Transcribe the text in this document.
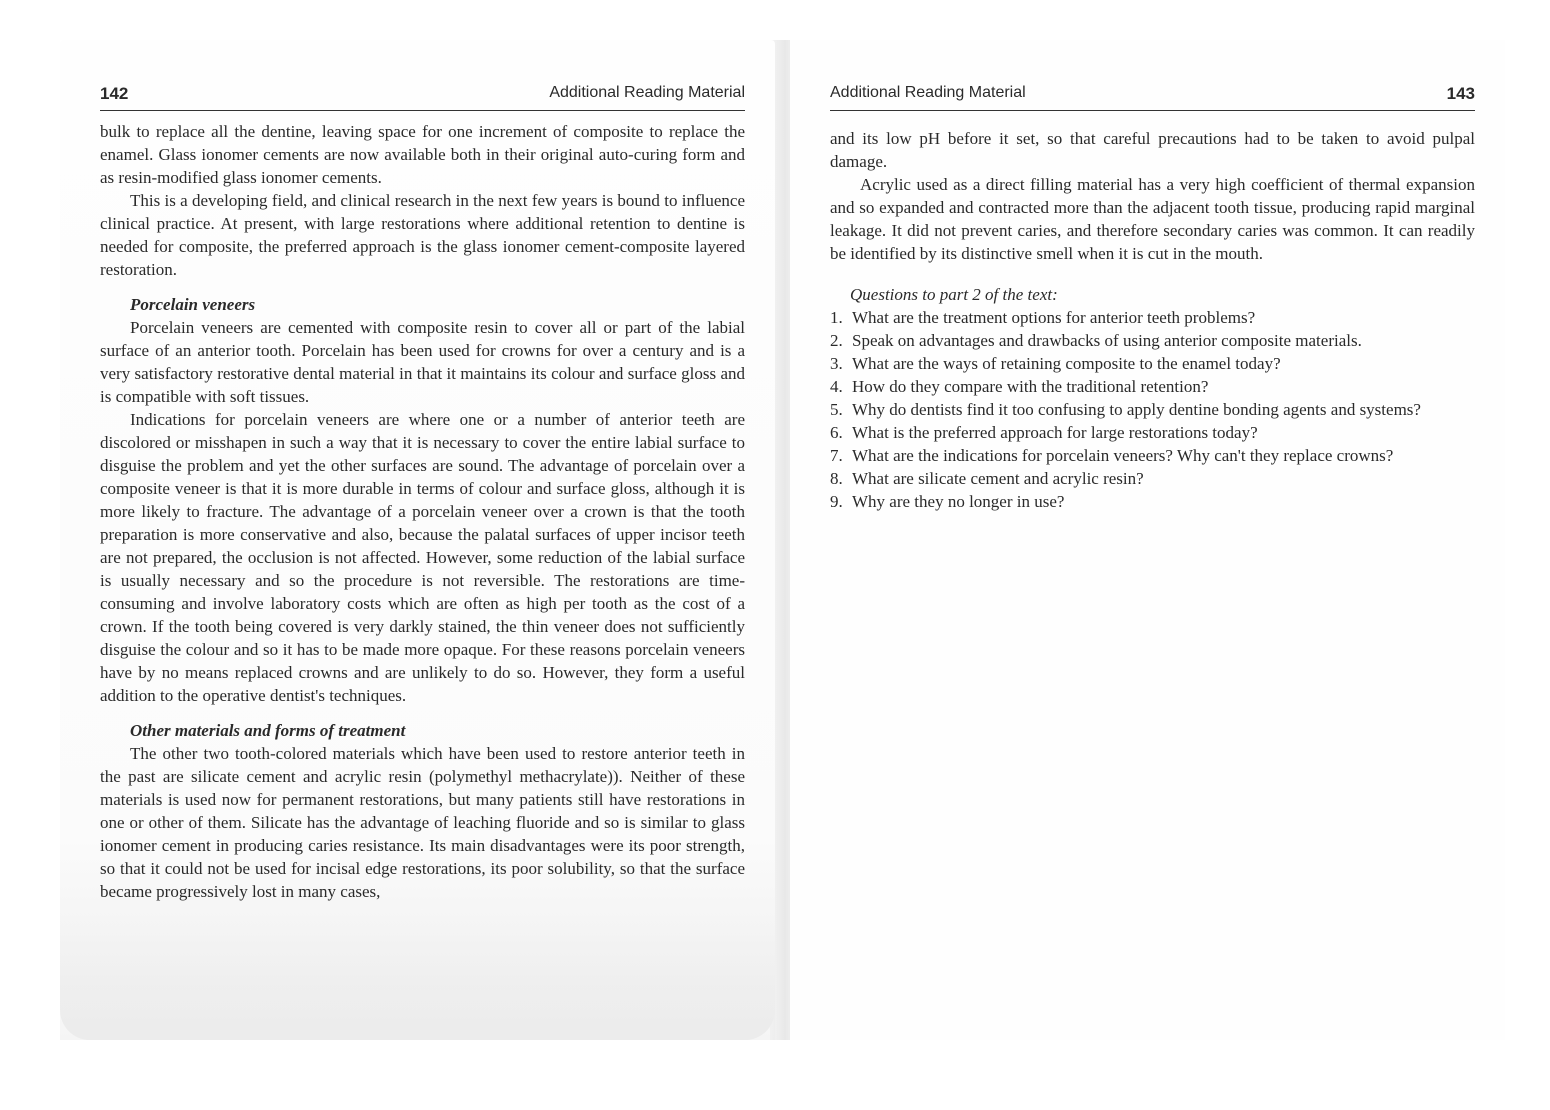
142	Additional Reading Material

bulk to replace all the dentine, leaving space for one increment of composite to replace the enamel. Glass ionomer cements are now available both in their original auto-curing form and as resin-modified glass ionomer cements.

This is a developing field, and clinical research in the next few years is bound to influence clinical practice. At present, with large restorations where additional retention to dentine is needed for composite, the preferred approach is the glass ionomer cement-composite layered restoration.

Porcelain veneers

Porcelain veneers are cemented with composite resin to cover all or part of the labial surface of an anterior tooth. Porcelain has been used for crowns for over a century and is a very satisfactory restorative dental material in that it maintains its colour and surface gloss and is compatible with soft tissues.

Indications for porcelain veneers are where one or a number of anterior teeth are discolored or misshapen in such a way that it is necessary to cover the entire labial surface to disguise the problem and yet the other surfaces are sound. The advantage of porcelain over a composite veneer is that it is more durable in terms of colour and surface gloss, although it is more likely to fracture. The advantage of a porcelain veneer over a crown is that the tooth preparation is more conservative and also, because the palatal surfaces of upper incisor teeth are not prepared, the occlusion is not affected. However, some reduction of the labial surface is usually necessary and so the procedure is not reversible. The restorations are time-consuming and involve laboratory costs which are often as high per tooth as the cost of a crown. If the tooth being covered is very darkly stained, the thin veneer does not sufficiently disguise the colour and so it has to be made more opaque. For these reasons porcelain veneers have by no means replaced crowns and are unlikely to do so. However, they form a useful addition to the operative dentist's techniques.

Other materials and forms of treatment

The other two tooth-colored materials which have been used to restore anterior teeth in the past are silicate cement and acrylic resin (polymethyl methacrylate)). Neither of these materials is used now for permanent restorations, but many patients still have restorations in one or other of them. Silicate has the advantage of leaching fluoride and so is similar to glass ionomer cement in producing caries resistance. Its main disadvantages were its poor strength, so that it could not be used for incisal edge restorations, its poor solubility, so that the surface became progressively lost in many cases,

Additional Reading Material	143

and its low pH before it set, so that careful precautions had to be taken to avoid pulpal damage.

Acrylic used as a direct filling material has a very high coefficient of thermal expansion and so expanded and contracted more than the adjacent tooth tissue, producing rapid marginal leakage. It did not prevent caries, and therefore secondary caries was common. It can readily be identified by its distinctive smell when it is cut in the mouth.

Questions to part 2 of the text:

1. What are the treatment options for anterior teeth problems?
2. Speak on advantages and drawbacks of using anterior composite materials.
3. What are the ways of retaining composite to the enamel today?
4. How do they compare with the traditional retention?
5. Why do dentists find it too confusing to apply dentine bonding agents and systems?
6. What is the preferred approach for large restorations today?
7. What are the indications for porcelain veneers? Why can't they replace crowns?
8. What are silicate cement and acrylic resin?
9. Why are they no longer in use?
